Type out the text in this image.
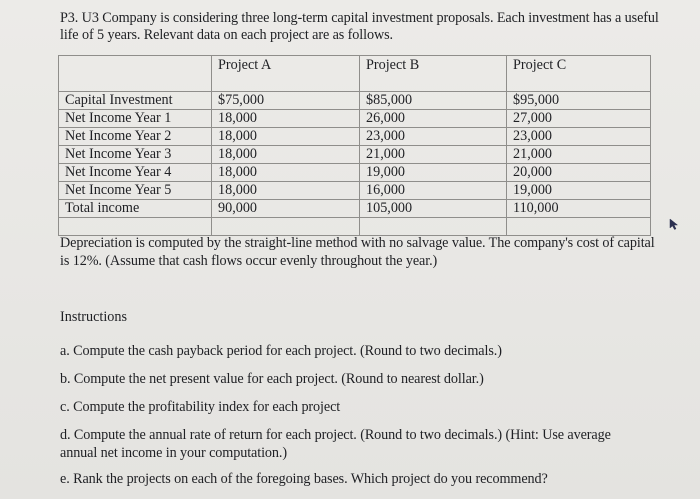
P3. U3 Company is considering three long-term capital investment proposals. Each investment has a useful life of 5 years. Relevant data on each project are as follows.
	Project A	Project B	Project C
Capital Investment	$75,000	$85,000	$95,000
Net Income Year 1	18,000	26,000	27,000
Net Income Year 2	18,000	23,000	23,000
Net Income Year 3	18,000	21,000	21,000
Net Income Year 4	18,000	19,000	20,000
Net Income Year 5	18,000	16,000	19,000
Total income	90,000	105,000	110,000

Depreciation is computed by the straight-line method with no salvage value. The company's cost of capital is 12%. (Assume that cash flows occur evenly throughout the year.)
Instructions
a. Compute the cash payback period for each project. (Round to two decimals.)
b. Compute the net present value for each project. (Round to nearest dollar.)
c. Compute the profitability index for each project
d. Compute the annual rate of return for each project. (Round to two decimals.) (Hint: Use average annual net income in your computation.)
e. Rank the projects on each of the foregoing bases. Which project do you recommend?
